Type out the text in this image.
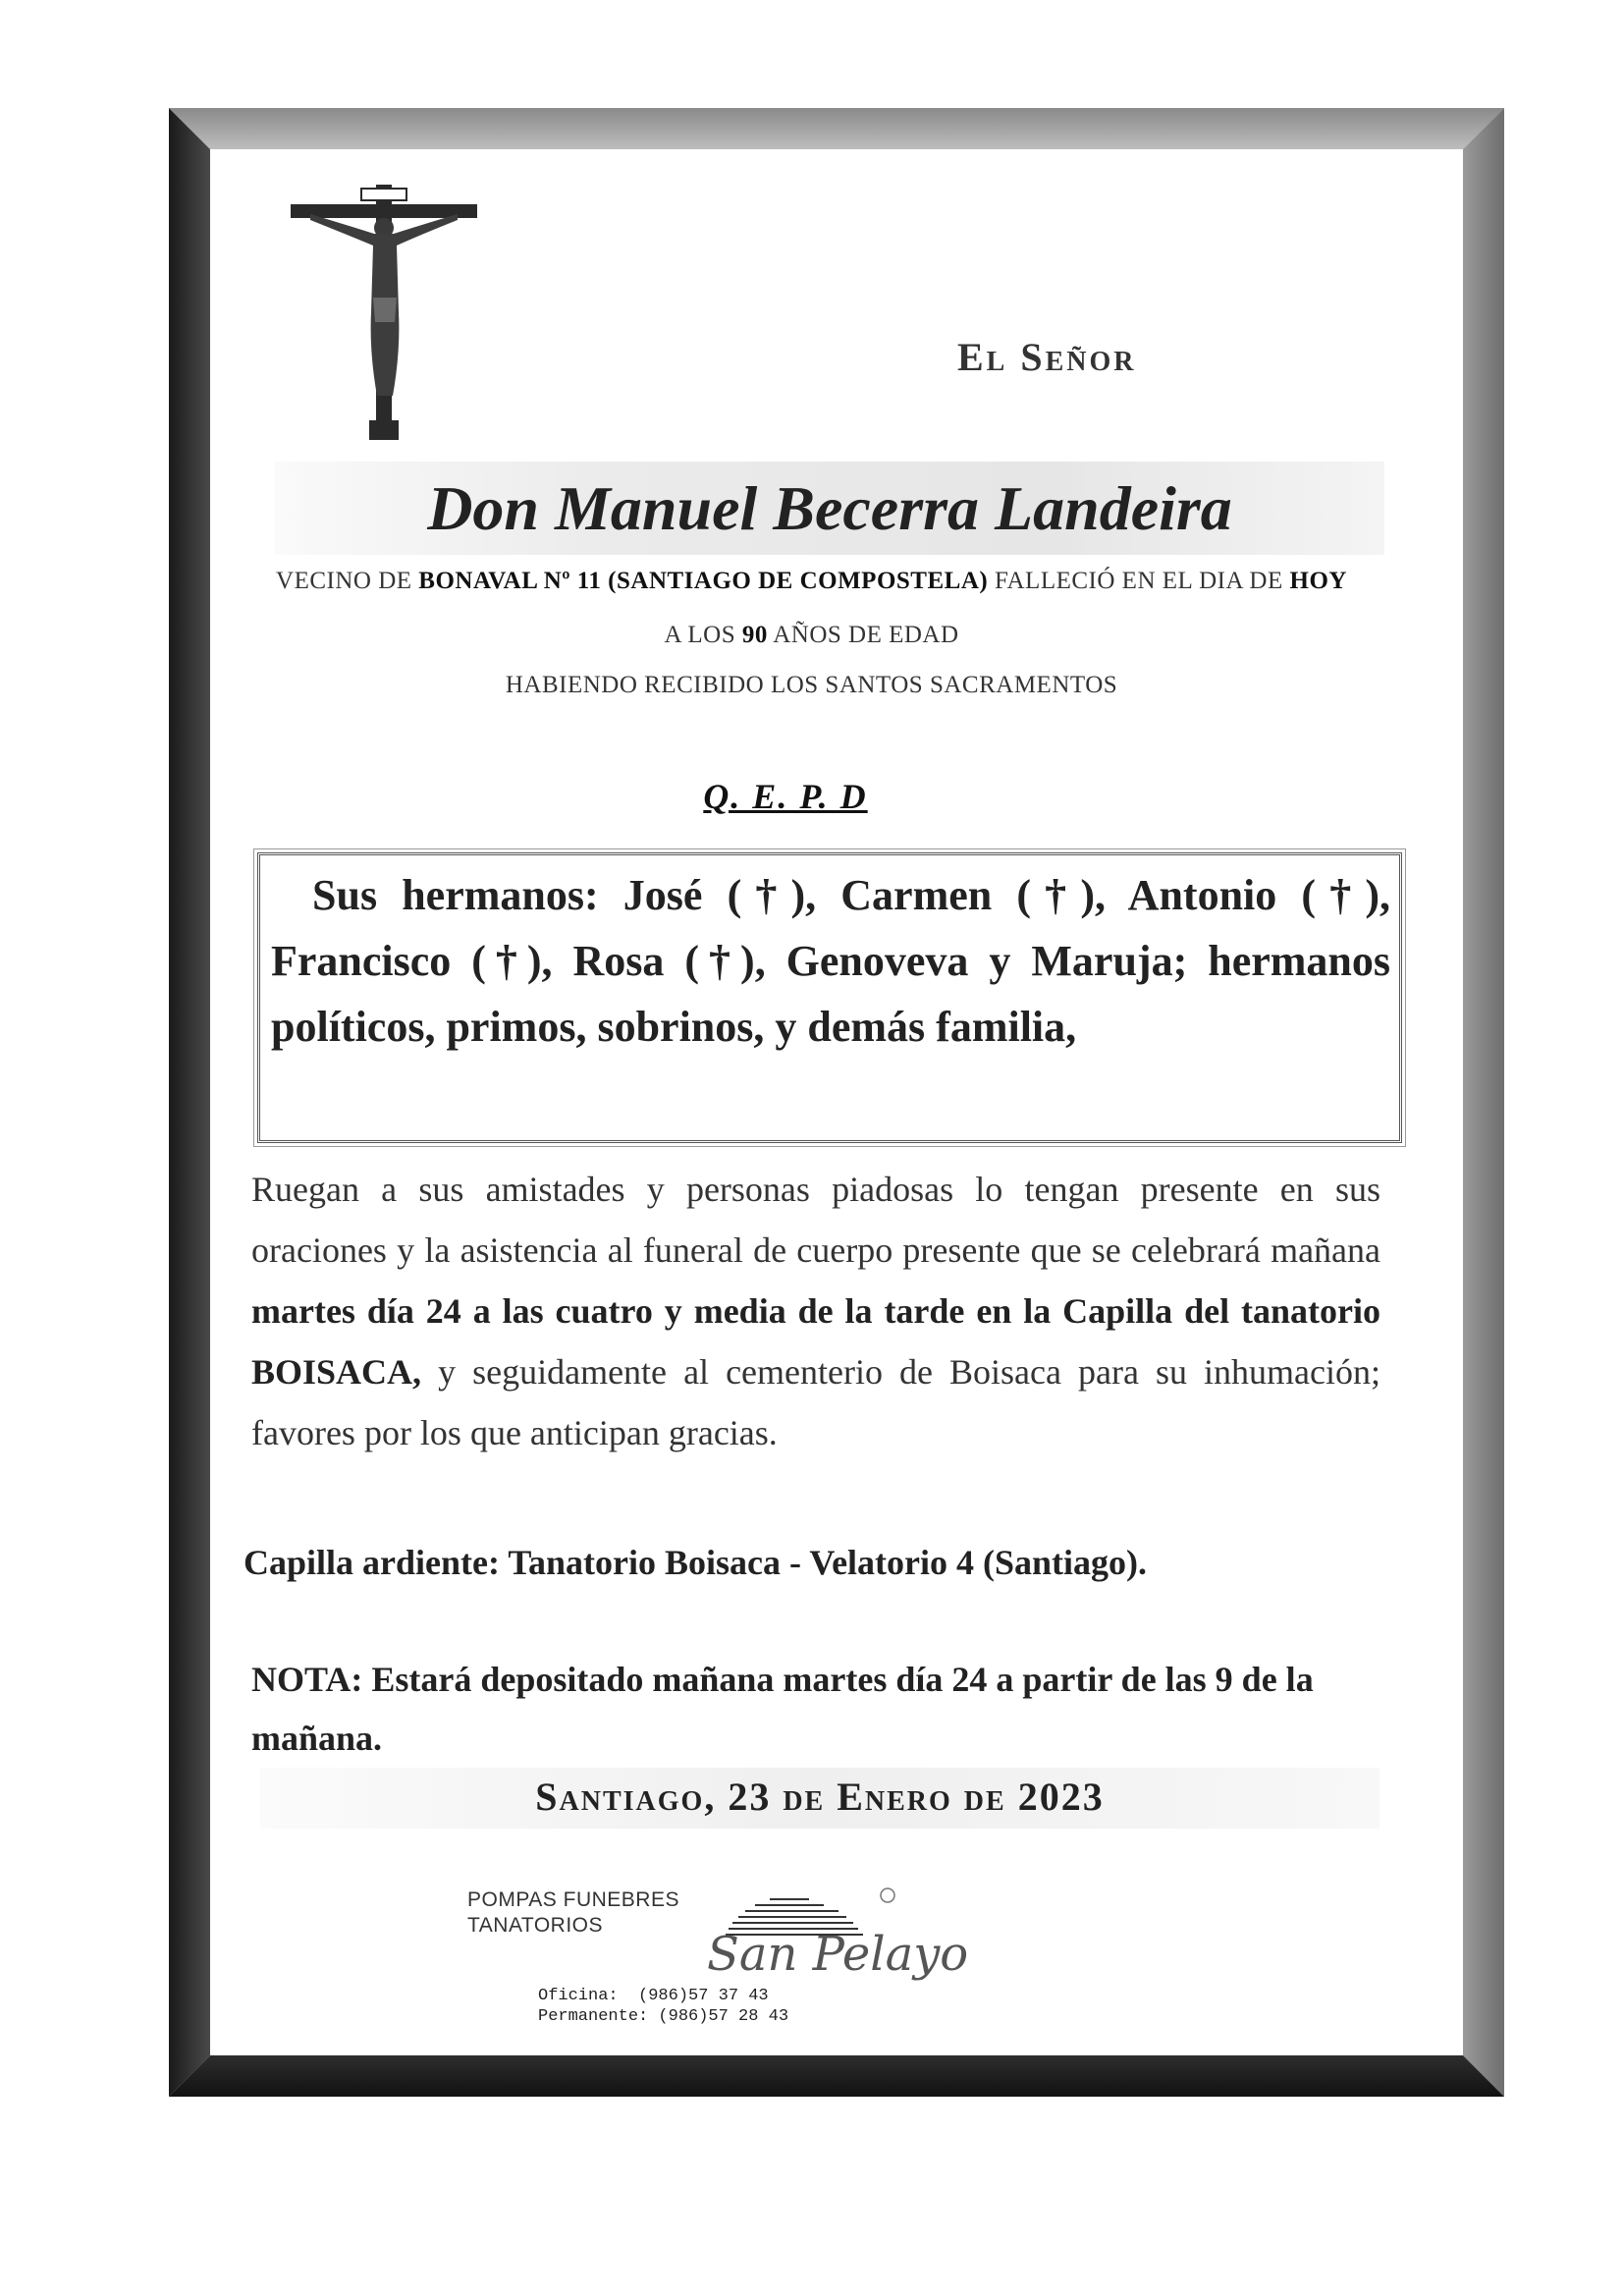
El Señor
Don Manuel Becerra Landeira
VECINO DE BONAVAL Nº 11 (SANTIAGO DE COMPOSTELA) FALLECIÓ EN EL DIA DE HOY
A LOS 90 AÑOS DE EDAD
HABIENDO RECIBIDO LOS SANTOS SACRAMENTOS
Q. E. P. D
Sus hermanos: José (†), Carmen (†), Antonio (†), Francisco (†), Rosa (†), Genoveva y Maruja; hermanos políticos, primos, sobrinos, y demás familia,
Ruegan a sus amistades y personas piadosas lo tengan presente en sus oraciones y la asistencia al funeral de cuerpo presente que se celebrará mañana martes día 24 a las cuatro y media de la tarde en la Capilla del tanatorio BOISACA, y seguidamente al cementerio de Boisaca para su inhumación; favores por los que anticipan gracias.
Capilla ardiente: Tanatorio Boisaca - Velatorio 4 (Santiago).
NOTA: Estará depositado mañana martes día 24 a partir de las 9 de la mañana.
Santiago, 23 de Enero de 2023
POMPAS FUNEBRES
TANATORIOS
San Pelayo
Oficina:  (986)57 37 43
Permanente: (986)57 28 43
